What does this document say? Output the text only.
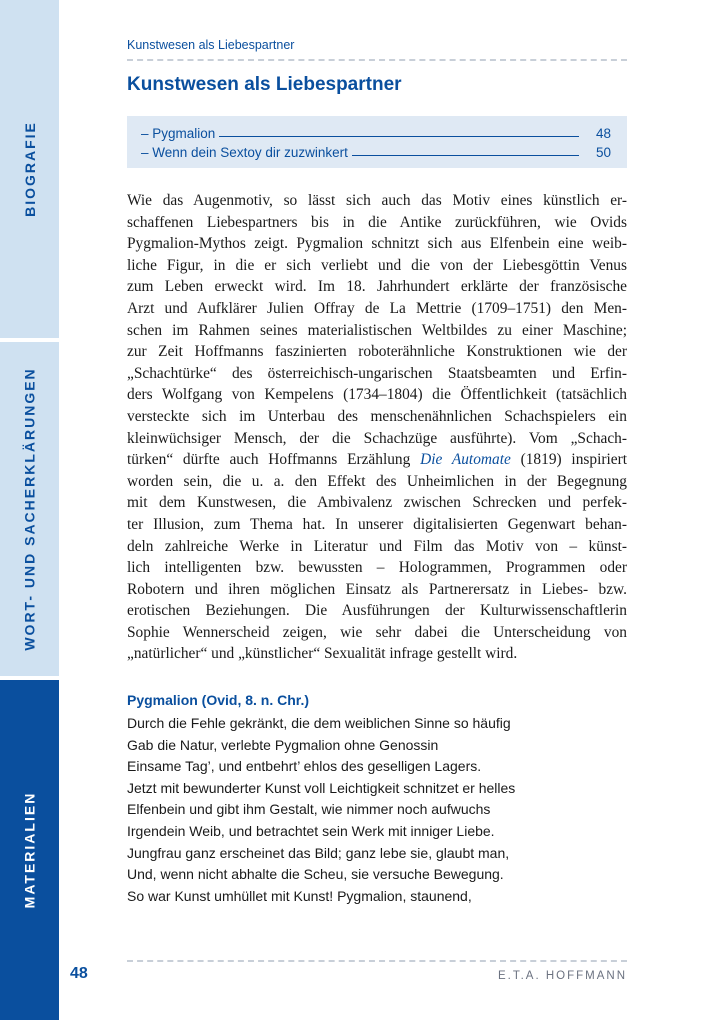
BIOGRAFIE
WORT- UND SACHERKLÄRUNGEN
MATERIALIEN
Kunstwesen als Liebespartner
Kunstwesen als Liebespartner
– Pygmalion	48
– Wenn dein Sextoy dir zuzwinkert	50
Wie das Augenmotiv, so lässt sich auch das Motiv eines künstlich er-
schaffenen Liebespartners bis in die Antike zurückführen, wie Ovids
Pygmalion-Mythos zeigt. Pygmalion schnitzt sich aus Elfenbein eine weib-
liche Figur, in die er sich verliebt und die von der Liebesgöttin Venus
zum Leben erweckt wird. Im 18. Jahrhundert erklärte der französische
Arzt und Aufklärer Julien Offray de La Mettrie (1709–1751) den Men-
schen im Rahmen seines materialistischen Weltbildes zu einer Maschine;
zur Zeit Hoffmanns faszinierten roboterähnliche Konstruktionen wie der
„Schachtürke“ des österreichisch-ungarischen Staatsbeamten und Erfin-
ders Wolfgang von Kempelens (1734–1804) die Öffentlichkeit (tatsächlich
versteckte sich im Unterbau des menschenähnlichen Schachspielers ein
kleinwüchsiger Mensch, der die Schachzüge ausführte). Vom „Schach-
türken“ dürfte auch Hoffmanns Erzählung Die Automate (1819) inspiriert
worden sein, die u. a. den Effekt des Unheimlichen in der Begegnung
mit dem Kunstwesen, die Ambivalenz zwischen Schrecken und perfek-
ter Illusion, zum Thema hat. In unserer digitalisierten Gegenwart behan-
deln zahlreiche Werke in Literatur und Film das Motiv von – künst-
lich intelligenten bzw. bewussten – Hologrammen, Programmen oder
Robotern und ihren möglichen Einsatz als Partnerersatz in Liebes- bzw.
erotischen Beziehungen. Die Ausführungen der Kulturwissenschaftlerin
Sophie Wennerscheid zeigen, wie sehr dabei die Unterscheidung von
„natürlicher“ und „künstlicher“ Sexualität infrage gestellt wird.
Pygmalion (Ovid, 8. n. Chr.)
Durch die Fehle gekränkt, die dem weiblichen Sinne so häufig
Gab die Natur, verlebte Pygmalion ohne Genossin
Einsame Tag’, und entbehrt’ ehlos des geselligen Lagers.
Jetzt mit bewunderter Kunst voll Leichtigkeit schnitzet er helles
Elfenbein und gibt ihm Gestalt, wie nimmer noch aufwuchs
Irgendein Weib, und betrachtet sein Werk mit inniger Liebe.
Jungfrau ganz erscheinet das Bild; ganz lebe sie, glaubt man,
Und, wenn nicht abhalte die Scheu, sie versuche Bewegung.
So war Kunst umhüllet mit Kunst! Pygmalion, staunend,
48	E.T.A. HOFFMANN
